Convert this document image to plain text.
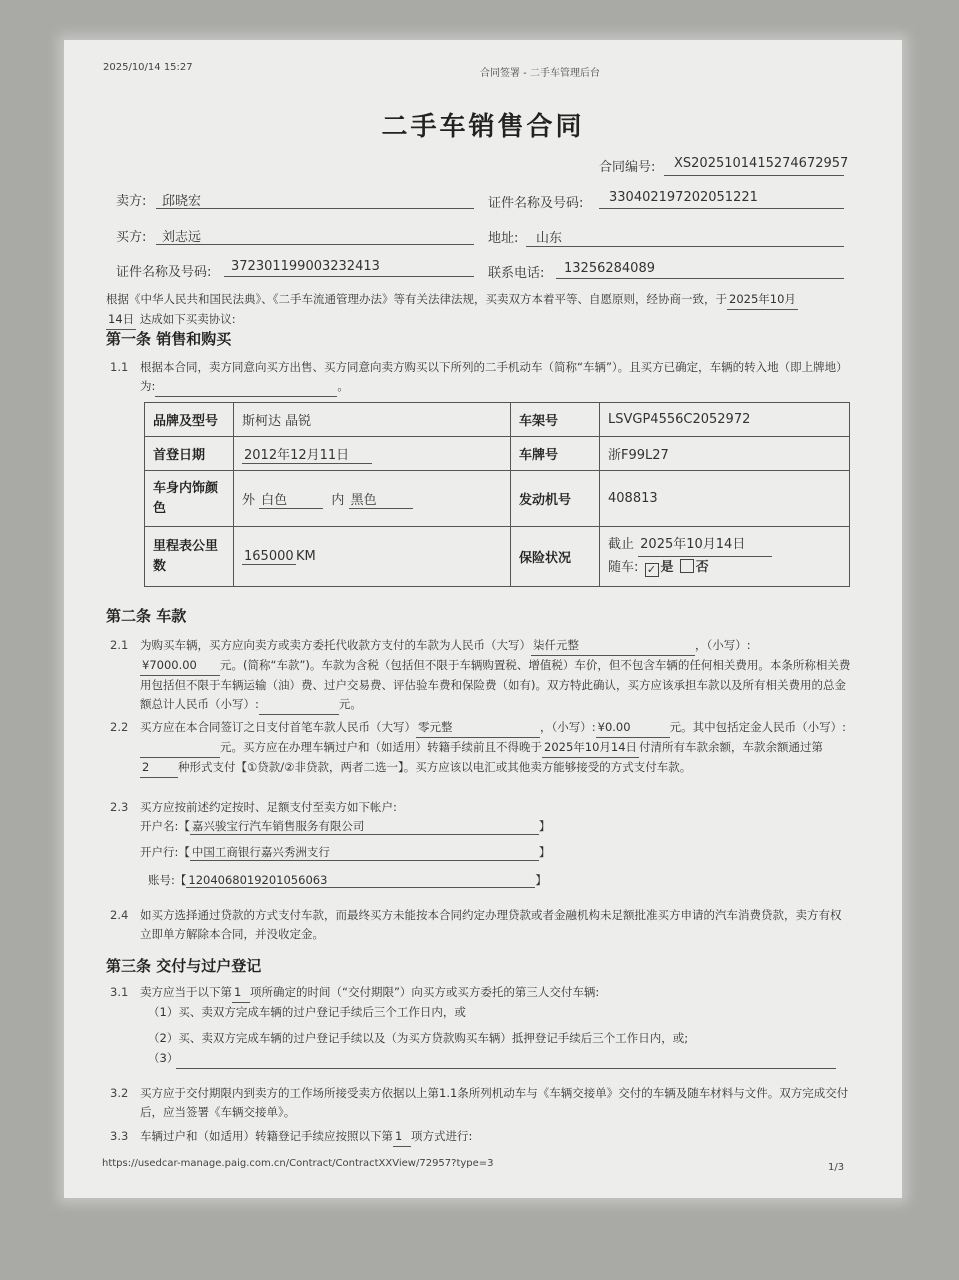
2025/10/14 15:27
合同签署 - 二手车管理后台
二手车销售合同
合同编号: XS2025101415274672957
卖方: 邱晓宏	证件名称及号码: 330402197202051221
买方: 刘志远	地址: 山东
证件名称及号码: 372301199003232413	联系电话: 13256284089
根据《中华人民共和国民法典》、《二手车流通管理办法》等有关法律法规，买卖双方本着平等、自愿原则，经协商一致，于 2025年10月
14日 达成如下买卖协议:
第一条 销售和购买
1.1 根据本合同，卖方同意向买方出售、买方同意向卖方购买以下所列的二手机动车（简称“车辆”）。且买方已确定，车辆的转入地（即上牌地）为:	。
品牌及型号	斯柯达 晶锐	车架号	LSVGP4556C2052972
首登日期	2012年12月11日	车牌号	浙F99L27
车身内饰颜色	外 白色 内 黑色	发动机号	408813
里程表公里数	165000 KM	保险状况	截止 2025年10月14日
随车: ✓ 是 否
第二条 车款
2.1 为购买车辆，买方应向卖方或卖方委托代收款方支付的车款为人民币（大写） 柒仟元整	，（小写）:
¥7000.00 元。(简称“车款”)。车款为含税（包括但不限于车辆购置税、增值税）车价，但不包含车辆的任何相关费用。本条所称相关费用包括但不限于车辆运输（油）费、过户交易费、评估验车费和保险费（如有)。双方特此确认，买方应该承担车款以及所有相关费用的总金额总计人民币（小写）:	元。
2.2 买方应在本合同签订之日支付首笔车款人民币（大写） 零元整	，（小写）: ¥0.00	元。其中包括定金人民币（小写）: 元。买方应在办理车辆过户和（如适用）转籍手续前且不得晚于 2025年10月14日 付清所有车款余额，车款余额通过第2 种形式支付【①贷款/②非贷款，两者二选一】。买方应该以电汇或其他卖方能够接受的方式支付车款。
2.3 买方应按前述约定按时、足额支付至卖方如下帐户:
开户名:【 嘉兴骏宝行汽车销售服务有限公司	】
开户行:【 中国工商银行嘉兴秀洲支行	】
账号:【 1204068019201056063	】
2.4 如买方选择通过贷款的方式支付车款，而最终买方未能按本合同约定办理贷款或者金融机构未足额批准买方申请的汽车消费贷款，卖方有权立即单方解除本合同，并没收定金。
第三条 交付与过户登记
3.1 卖方应当于以下第 1 项所确定的时间（“交付期限”）向买方或买方委托的第三人交付车辆:
（1）买、卖双方完成车辆的过户登记手续后三个工作日内，或
（2）买、卖双方完成车辆的过户登记手续以及（为买方贷款购买车辆）抵押登记手续后三个工作日内，或;
（3）
3.2 买方应于交付期限内到卖方的工作场所接受卖方依据以上第1.1条所列机动车与《车辆交接单》交付的车辆及随车材料与文件。双方完成交付后，应当签署《车辆交接单》。
3.3 车辆过户和（如适用）转籍登记手续应按照以下第 1 项方式进行:
https://usedcar-manage.paig.com.cn/Contract/ContractXXView/72957?type=3	1/3
